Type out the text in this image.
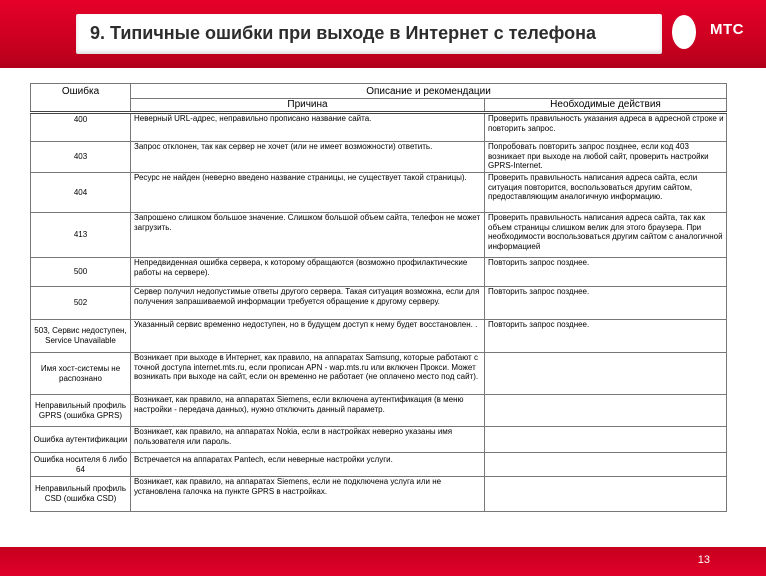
9. Типичные ошибки при выходе в Интернет с телефона	МТС
Ошибка	Описание и рекомендации	
	Причина	Необходимые действия
400	Неверный URL-адрес, неправильно прописано название сайта.	Проверить правильность указания адреса в адресной строке и повторить запрос.
403	Запрос отклонен, так как сервер не хочет (или не имеет возможности) ответить.	Попробовать повторить запрос позднее, если код 403 возникает при выходе на любой сайт, проверить настройки GPRS-Internet.
404	Ресурс не найден (неверно введено название страницы, не существует такой страницы).	Проверить правильность написания адреса сайта, если ситуация повторится, воспользоваться другим сайтом, предоставляющим аналогичную информацию.
413	Запрошено слишком большое значение. Слишком большой объем сайта, телефон не может загрузить.	Проверить правильность написания адреса сайта, так как объем страницы слишком велик для этого браузера. При необходимости воспользоваться другим сайтом с аналогичной информацией
500	Непредвиденная ошибка сервера, к которому обращаются (возможно профилактические работы на сервере).	Повторить запрос позднее.
502	Сервер получил недопустимые ответы другого сервера. Такая ситуация возможна, если для получения запрашиваемой информации требуется обращение к другому серверу.	Повторить запрос позднее.
503, Сервис недоступен, Service Unavailable	Указанный сервис временно недоступен, но в будущем доступ к нему будет восстановлен. .	Повторить запрос позднее.
Имя хост-системы не распознано	Возникает при выходе в Интернет, как правило, на аппаратах Samsung, которые работают с точной доступа internet.mts.ru, если прописан APN - wap.mts.ru или включен Прокси. Может возникать при выходе на сайт, если он временно не работает (не оплачено место под сайт).	
Неправильный профиль GPRS (ошибка GPRS)	Возникает, как правило, на аппаратах Siemens, если включена аутентификация (в меню настройки - передача данных), нужно отключить данный параметр.	
Ошибка аутентификации	Возникает, как правило, на аппаратах Nokia, если в настройках неверно указаны имя пользователя или пароль.	
Ошибка носителя 6 либо 64	Встречается на аппаратах Pantech, если неверные настройки услуги.	
Неправильный профиль CSD (ошибка CSD)	Возникает, как правило, на аппаратах Siemens, если не подключена услуга или не установлена галочка на пункте GPRS в настройках.	
13
